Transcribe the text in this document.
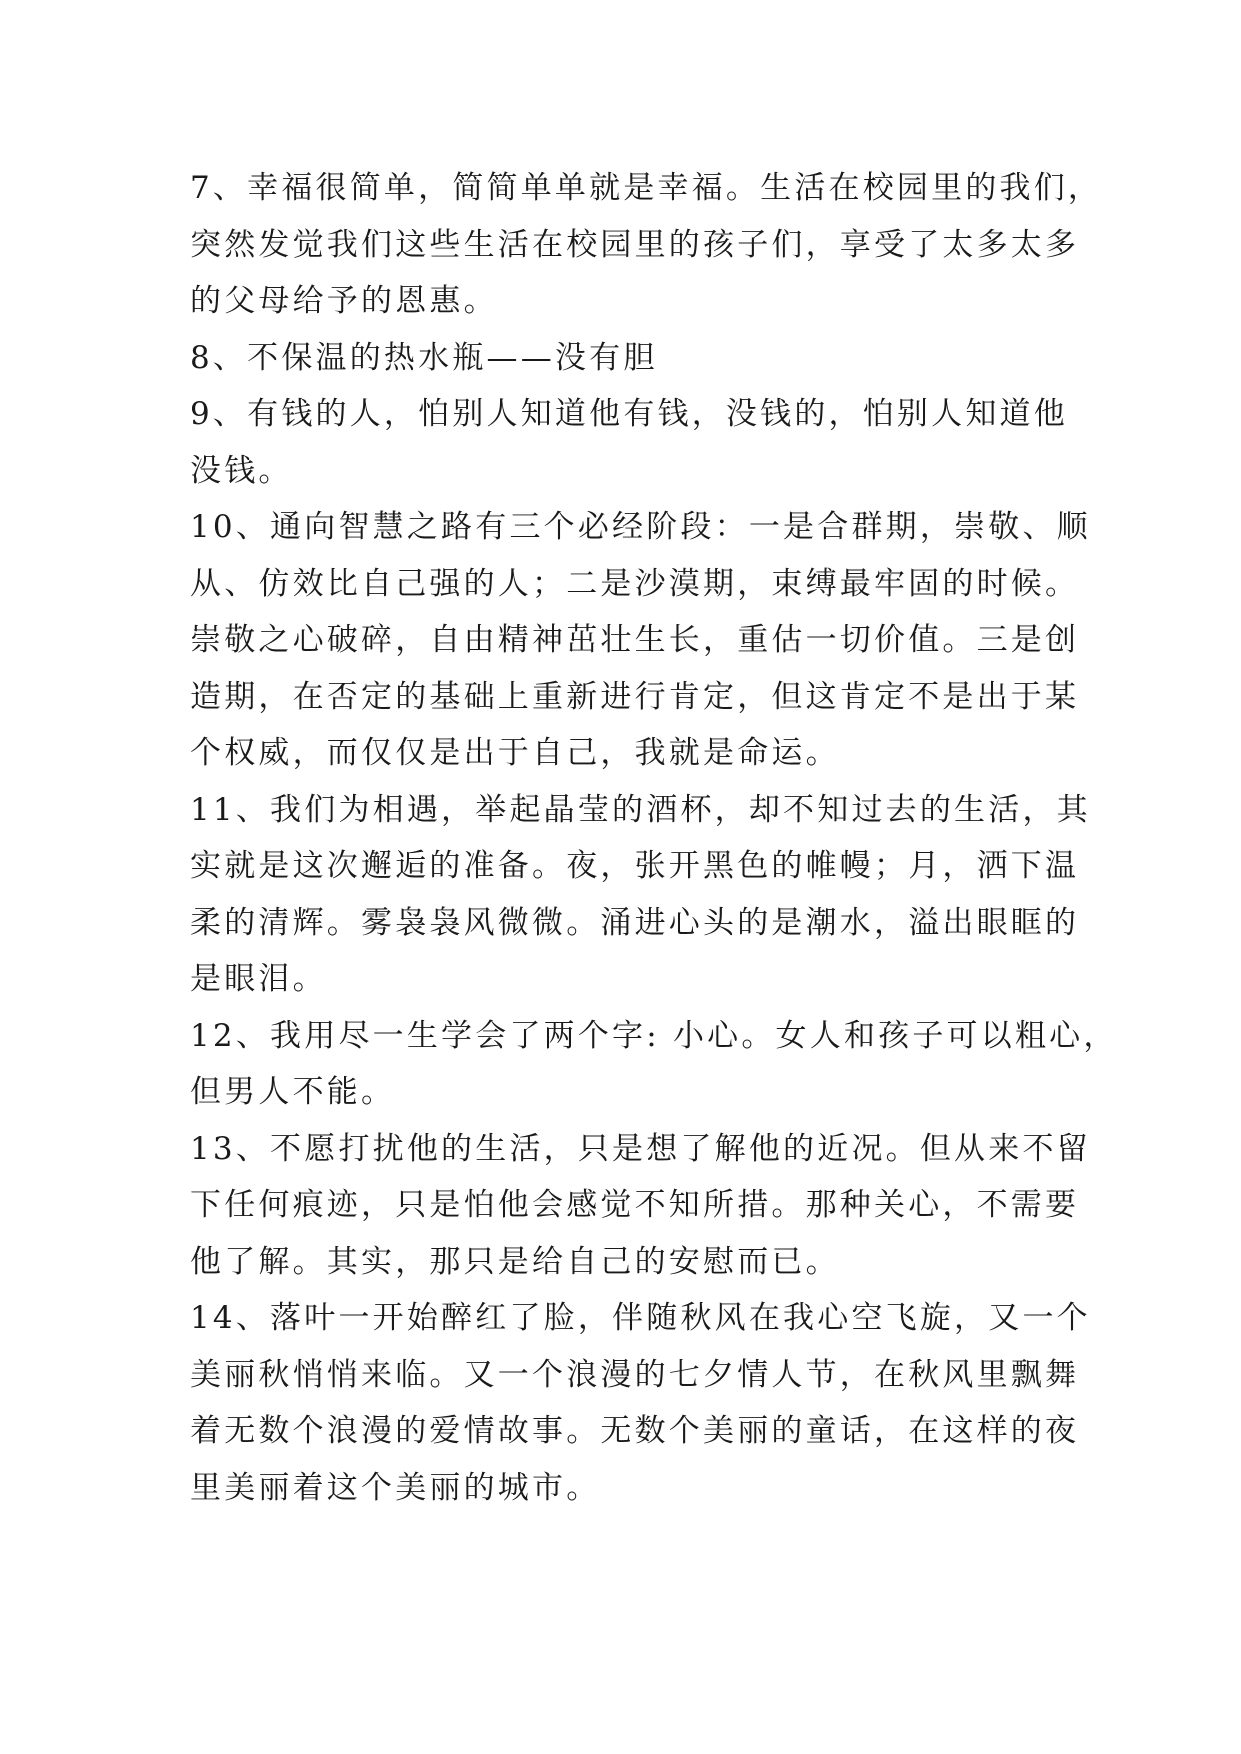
7、幸福很简单，简简单单就是幸福。生活在校园里的我们，
突然发觉我们这些生活在校园里的孩子们，享受了太多太多
的父母给予的恩惠。

8、不保温的热水瓶——没有胆

9、有钱的人，怕别人知道他有钱，没钱的，怕别人知道他
没钱。

10、通向智慧之路有三个必经阶段：一是合群期，崇敬、顺
从、仿效比自己强的人；二是沙漠期，束缚最牢固的时候。
崇敬之心破碎，自由精神茁壮生长，重估一切价值。三是创
造期，在否定的基础上重新进行肯定，但这肯定不是出于某
个权威，而仅仅是出于自己，我就是命运。

11、我们为相遇，举起晶莹的酒杯，却不知过去的生活，其
实就是这次邂逅的准备。夜，张开黑色的帷幔；月，洒下温
柔的清辉。雾袅袅风微微。涌进心头的是潮水，溢出眼眶的
是眼泪。

12、我用尽一生学会了两个字: 小心。女人和孩子可以粗心，
但男人不能。

13、不愿打扰他的生活，只是想了解他的近况。但从来不留
下任何痕迹，只是怕他会感觉不知所措。那种关心，不需要
他了解。其实，那只是给自己的安慰而已。

14、落叶一开始醉红了脸，伴随秋风在我心空飞旋，又一个
美丽秋悄悄来临。又一个浪漫的七夕情人节，在秋风里飘舞
着无数个浪漫的爱情故事。无数个美丽的童话，在这样的夜
里美丽着这个美丽的城市。
